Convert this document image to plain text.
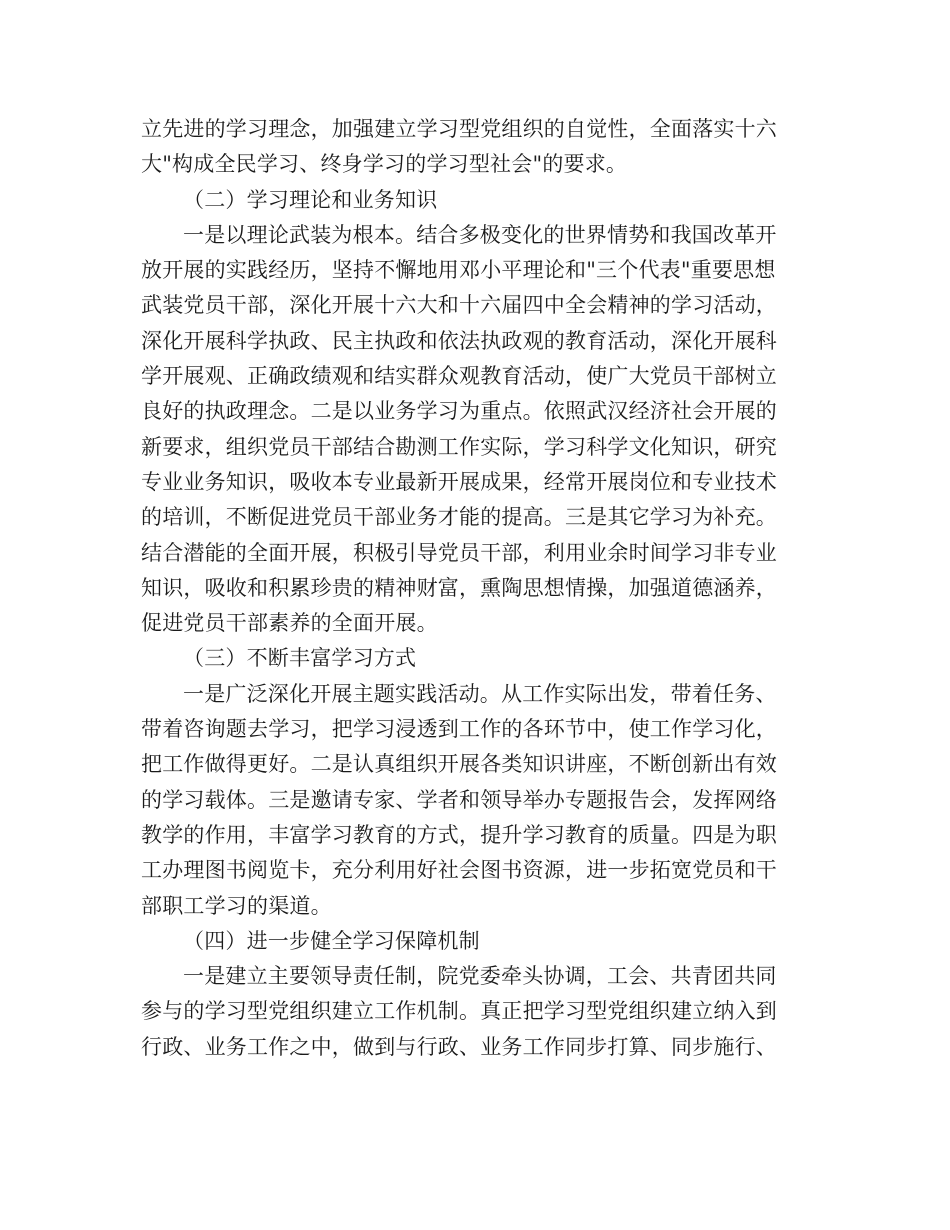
立先进的学习理念，加强建立学习型党组织的自觉性，全面落实十六
大"构成全民学习、终身学习的学习型社会"的要求。
（二）学习理论和业务知识
一是以理论武装为根本。结合多极变化的世界情势和我国改革开
放开展的实践经历，坚持不懈地用邓小平理论和"三个代表"重要思想
武装党员干部，深化开展十六大和十六届四中全会精神的学习活动，
深化开展科学执政、民主执政和依法执政观的教育活动，深化开展科
学开展观、正确政绩观和结实群众观教育活动，使广大党员干部树立
良好的执政理念。二是以业务学习为重点。依照武汉经济社会开展的
新要求，组织党员干部结合勘测工作实际，学习科学文化知识，研究
专业业务知识，吸收本专业最新开展成果，经常开展岗位和专业技术
的培训，不断促进党员干部业务才能的提高。三是其它学习为补充。
结合潜能的全面开展，积极引导党员干部，利用业余时间学习非专业
知识，吸收和积累珍贵的精神财富，熏陶思想情操，加强道德涵养，
促进党员干部素养的全面开展。
（三）不断丰富学习方式
一是广泛深化开展主题实践活动。从工作实际出发，带着任务、
带着咨询题去学习，把学习浸透到工作的各环节中，使工作学习化，
把工作做得更好。二是认真组织开展各类知识讲座，不断创新出有效
的学习载体。三是邀请专家、学者和领导举办专题报告会，发挥网络
教学的作用，丰富学习教育的方式，提升学习教育的质量。四是为职
工办理图书阅览卡，充分利用好社会图书资源，进一步拓宽党员和干
部职工学习的渠道。
（四）进一步健全学习保障机制
一是建立主要领导责任制，院党委牵头协调，工会、共青团共同
参与的学习型党组织建立工作机制。真正把学习型党组织建立纳入到
行政、业务工作之中，做到与行政、业务工作同步打算、同步施行、
